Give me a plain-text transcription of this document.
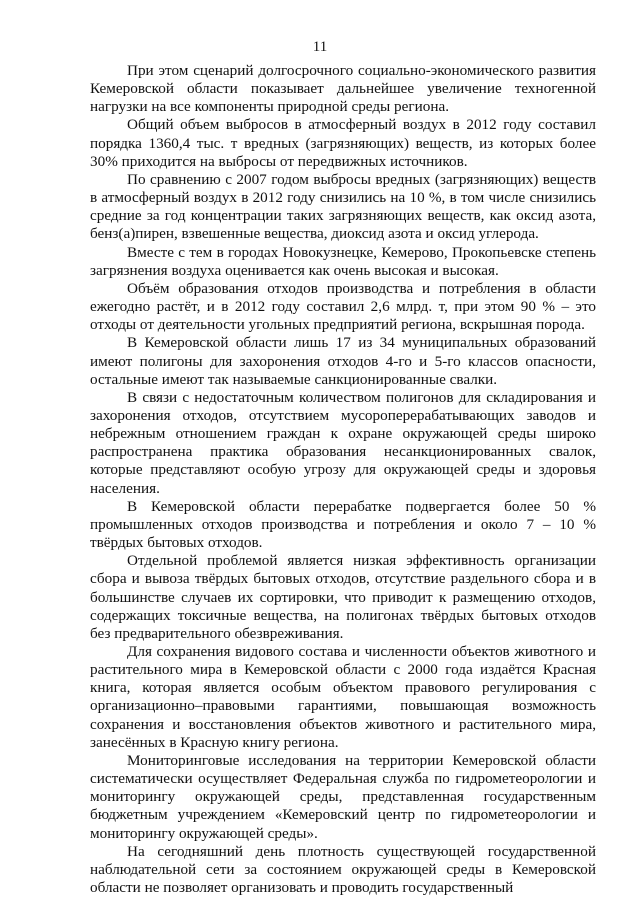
11

При этом сценарий долгосрочного социально-экономического развития Кемеровской области показывает дальнейшее увеличение техногенной нагрузки на все компоненты природной среды региона.

Общий объем выбросов в атмосферный воздух в 2012 году составил порядка 1360,4 тыс. т вредных (загрязняющих) веществ, из которых более 30% приходится на выбросы от передвижных источников.

По сравнению с 2007 годом выбросы вредных (загрязняющих) веществ в атмосферный воздух в 2012 году снизились на 10 %, в том числе снизились средние за год концентрации таких загрязняющих веществ, как оксид азота, бенз(а)пирен, взвешенные вещества, диоксид азота и оксид углерода.

Вместе с тем в городах Новокузнецке, Кемерово, Прокопьевске степень загрязнения воздуха оценивается как очень высокая и высокая.

Объём образования отходов производства и потребления в области ежегодно растёт, и в 2012 году составил 2,6 млрд. т, при этом 90 % – это отходы от деятельности угольных предприятий региона, вскрышная порода.

В Кемеровской области лишь 17 из 34 муниципальных образований имеют полигоны для захоронения отходов 4-го и 5-го классов опасности, остальные имеют так называемые санкционированные свалки.

В связи с недостаточным количеством полигонов для складирования и захоронения отходов, отсутствием мусороперерабатывающих заводов и небрежным отношением граждан к охране окружающей среды широко распространена практика образования несанкционированных свалок, которые представляют особую угрозу для окружающей среды и здоровья населения.

В Кемеровской области перерабатке подвергается более 50 % промышленных отходов производства и потребления и около 7 – 10 % твёрдых бытовых отходов.

Отдельной проблемой является низкая эффективность организации сбора и вывоза твёрдых бытовых отходов, отсутствие раздельного сбора и в большинстве случаев их сортировки, что приводит к размещению отходов, содержащих токсичные вещества, на полигонах твёрдых бытовых отходов без предварительного обезвреживания.

Для сохранения видового состава и численности объектов животного и растительного мира в Кемеровской области с 2000 года издаётся Красная книга, которая является особым объектом правового регулирования с организационно–правовыми гарантиями, повышающая возможность сохранения и восстановления объектов животного и растительного мира, занесённых в Красную книгу региона.

Мониторинговые исследования на территории Кемеровской области систематически осуществляет Федеральная служба по гидрометеорологии и мониторингу окружающей среды, представленная государственным бюджетным учреждением «Кемеровский центр по гидрометеорологии и мониторингу окружающей среды».

На сегодняшний день плотность существующей государственной наблюдательной сети за состоянием окружающей среды в Кемеровской области не позволяет организовать и проводить государственный
